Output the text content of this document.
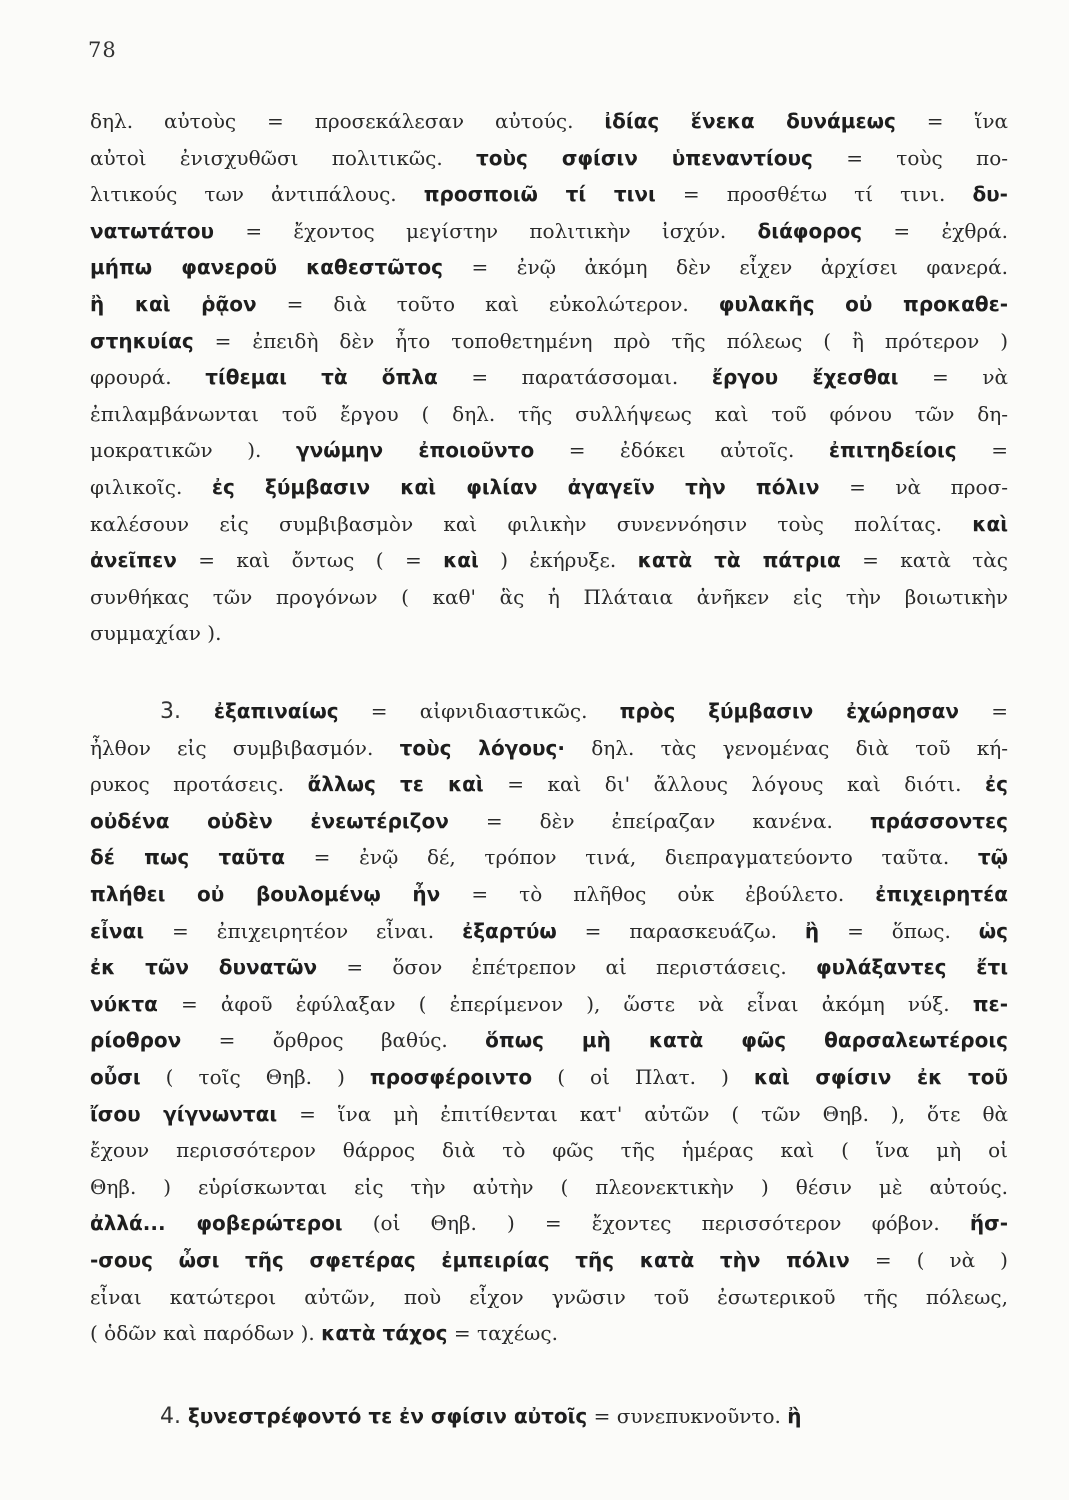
78
δηλ. αὐτοὺς = προσεκάλεσαν αὐτούς. ἰδίας ἕνεκα δυνάμεως = ἵνα
αὐτοὶ ἐνισχυθῶσι πολιτικῶς. τοὺς σφίσιν ὑπεναντίους = τοὺς πο-
λιτικούς των ἀντιπάλους. προσποιῶ τί τινι = προσθέτω τί τινι. δυ-
νατωτάτου = ἔχοντος μεγίστην πολιτικὴν ἰσχύν. διάφορος = ἐχθρά.
μήπω φανεροῦ καθεστῶτος = ἐνῷ ἀκόμη δὲν εἶχεν ἀρχίσει φανερά.
ἢ καὶ ῥᾷον = διὰ τοῦτο καὶ εὐκολώτερον. φυλακῆς οὐ προκαθε-
στηκυίας = ἐπειδὴ δὲν ἦτο τοποθετημένη πρὸ τῆς πόλεως ( ἢ πρότερον )
φρουρά. τίθεμαι τὰ ὅπλα = παρατάσσομαι. ἔργου ἔχεσθαι = νὰ
ἐπιλαμβάνωνται τοῦ ἔργου ( δηλ. τῆς συλλήψεως καὶ τοῦ φόνου τῶν δη-
μοκρατικῶν ). γνώμην ἐποιοῦντο = ἐδόκει αὐτοῖς. ἐπιτηδείοις =
φιλικοῖς. ἐς ξύμβασιν καὶ φιλίαν ἀγαγεῖν τὴν πόλιν = νὰ προσ-
καλέσουν εἰς συμβιβασμὸν καὶ φιλικὴν συνεννόησιν τοὺς πολίτας. καὶ
ἀνεῖπεν = καὶ ὄντως ( = καὶ ) ἐκήρυξε. κατὰ τὰ πάτρια = κατὰ τὰς
συνθήκας τῶν προγόνων ( καθ' ἃς ἡ Πλάταια ἀνῆκεν εἰς τὴν βοιωτικὴν
συμμαχίαν ).
3. ἐξαπιναίως = αἰφνιδιαστικῶς. πρὸς ξύμβασιν ἐχώρησαν =
ἦλθον εἰς συμβιβασμόν. τοὺς λόγους· δηλ. τὰς γενομένας διὰ τοῦ κή-
ρυκος προτάσεις. ἄλλως τε καὶ = καὶ δι' ἄλλους λόγους καὶ διότι. ἐς
οὐδένα οὐδὲν ἐνεωτέριζον = δὲν ἐπείραζαν κανένα. πράσσοντες
δέ πως ταῦτα = ἐνῷ δέ, τρόπον τινά, διεπραγματεύοντο ταῦτα. τῷ
πλήθει οὐ βουλομένῳ ἦν = τὸ πλῆθος οὐκ ἐβούλετο. ἐπιχειρητέα
εἶναι = ἐπιχειρητέον εἶναι. ἐξαρτύω = παρασκευάζω. ἢ = ὅπως. ὡς
ἐκ τῶν δυνατῶν = ὅσον ἐπέτρεπον αἱ περιστάσεις. φυλάξαντες ἔτι
νύκτα = ἀφοῦ ἐφύλαξαν ( ἐπερίμενον ), ὥστε νὰ εἶναι ἀκόμη νύξ. πε-
ρίοθρον = ὄρθρος βαθύς. ὅπως μὴ κατὰ φῶς θαρσαλεωτέροις
οὖσι ( τοῖς Θηβ. ) προσφέροιντο ( οἱ Πλατ. ) καὶ σφίσιν ἐκ τοῦ
ἴσου γίγνωνται = ἵνα μὴ ἐπιτίθενται κατ' αὐτῶν ( τῶν Θηβ. ), ὅτε θὰ
ἔχουν περισσότερον θάρρος διὰ τὸ φῶς τῆς ἡμέρας καὶ ( ἵνα μὴ οἱ
Θηβ. ) εὑρίσκωνται εἰς τὴν αὐτὴν ( πλεονεκτικὴν ) θέσιν μὲ αὐτούς.
ἀλλά... φοβερώτεροι (οἱ Θηβ. ) = ἔχοντες περισσότερον φόβον. ἥσ-
-σους ὦσι τῆς σφετέρας ἐμπειρίας τῆς κατὰ τὴν πόλιν = ( νὰ )
εἶναι κατώτεροι αὐτῶν, ποὺ εἶχον γνῶσιν τοῦ ἐσωτερικοῦ τῆς πόλεως,
( ὁδῶν καὶ παρόδων ). κατὰ τάχος = ταχέως.
4. ξυνεστρέφοντό τε ἐν σφίσιν αὐτοῖς = συνεπυκνοῦντο. ἢ
